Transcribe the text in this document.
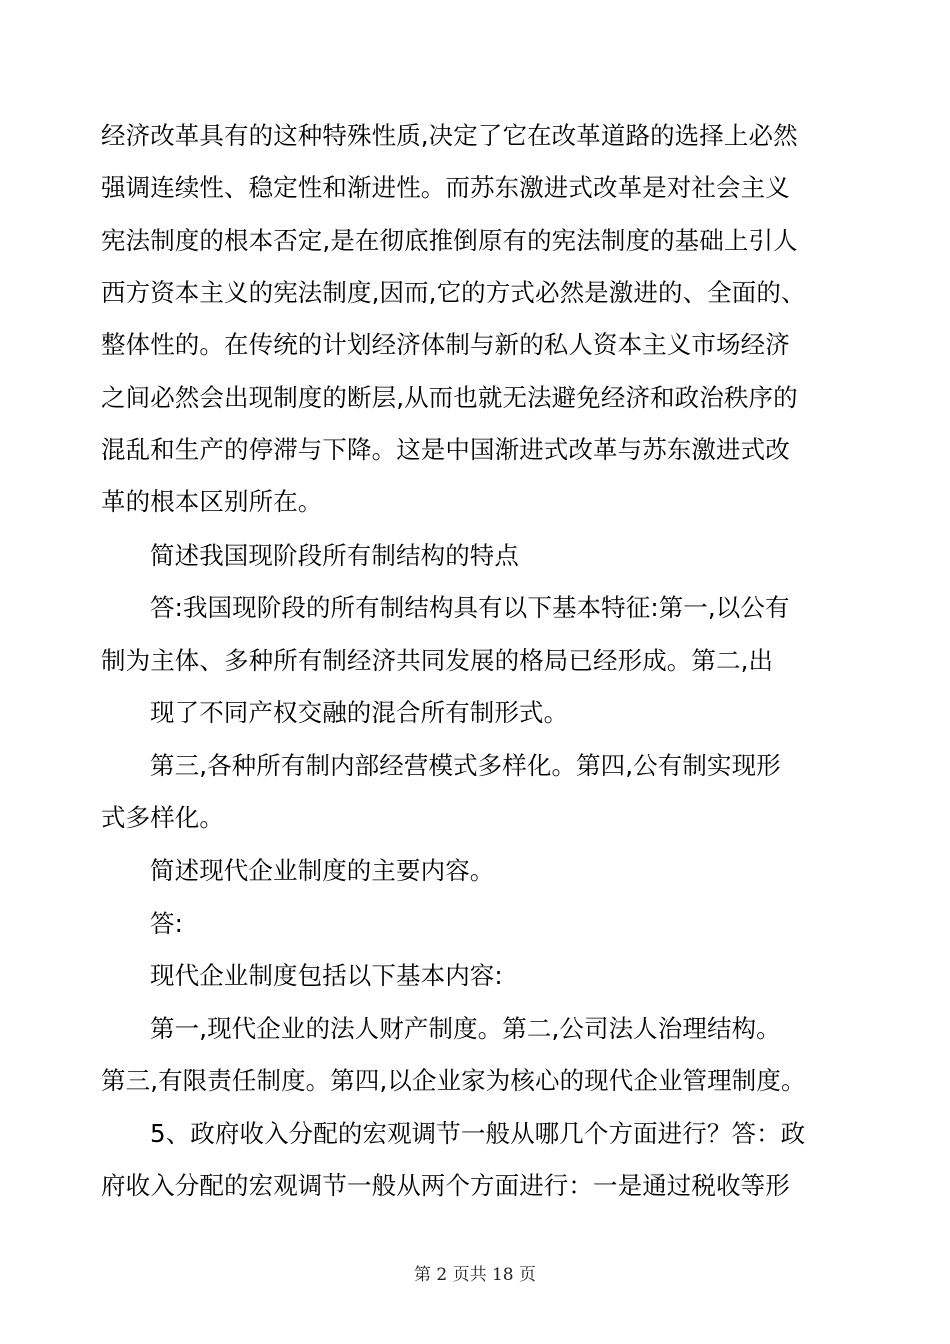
经济改革具有的这种特殊性质,决定了它在改革道路的选择上必然
强调连续性、稳定性和渐进性。而苏东激进式改革是对社会主义
宪法制度的根本否定,是在彻底推倒原有的宪法制度的基础上引人
西方资本主义的宪法制度,因而,它的方式必然是激进的、全面的、
整体性的。在传统的计划经济体制与新的私人资本主义市场经济
之间必然会出现制度的断层,从而也就无法避免经济和政治秩序的
混乱和生产的停滞与下降。这是中国渐进式改革与苏东激进式改
革的根本区别所在。
简述我国现阶段所有制结构的特点
答:我国现阶段的所有制结构具有以下基本特征:第一,以公有
制为主体、多种所有制经济共同发展的格局已经形成。第二,出
现了不同产权交融的混合所有制形式。
第三,各种所有制内部经营模式多样化。第四,公有制实现形
式多样化。
简述现代企业制度的主要内容。
答:
现代企业制度包括以下基本内容:
第一,现代企业的法人财产制度。第二,公司法人治理结构。
第三,有限责任制度。第四,以企业家为核心的现代企业管理制度。
5、政府收入分配的宏观调节一般从哪几个方面进行？答：政
府收入分配的宏观调节一般从两个方面进行：一是通过税收等形
第 2 页共 18 页
